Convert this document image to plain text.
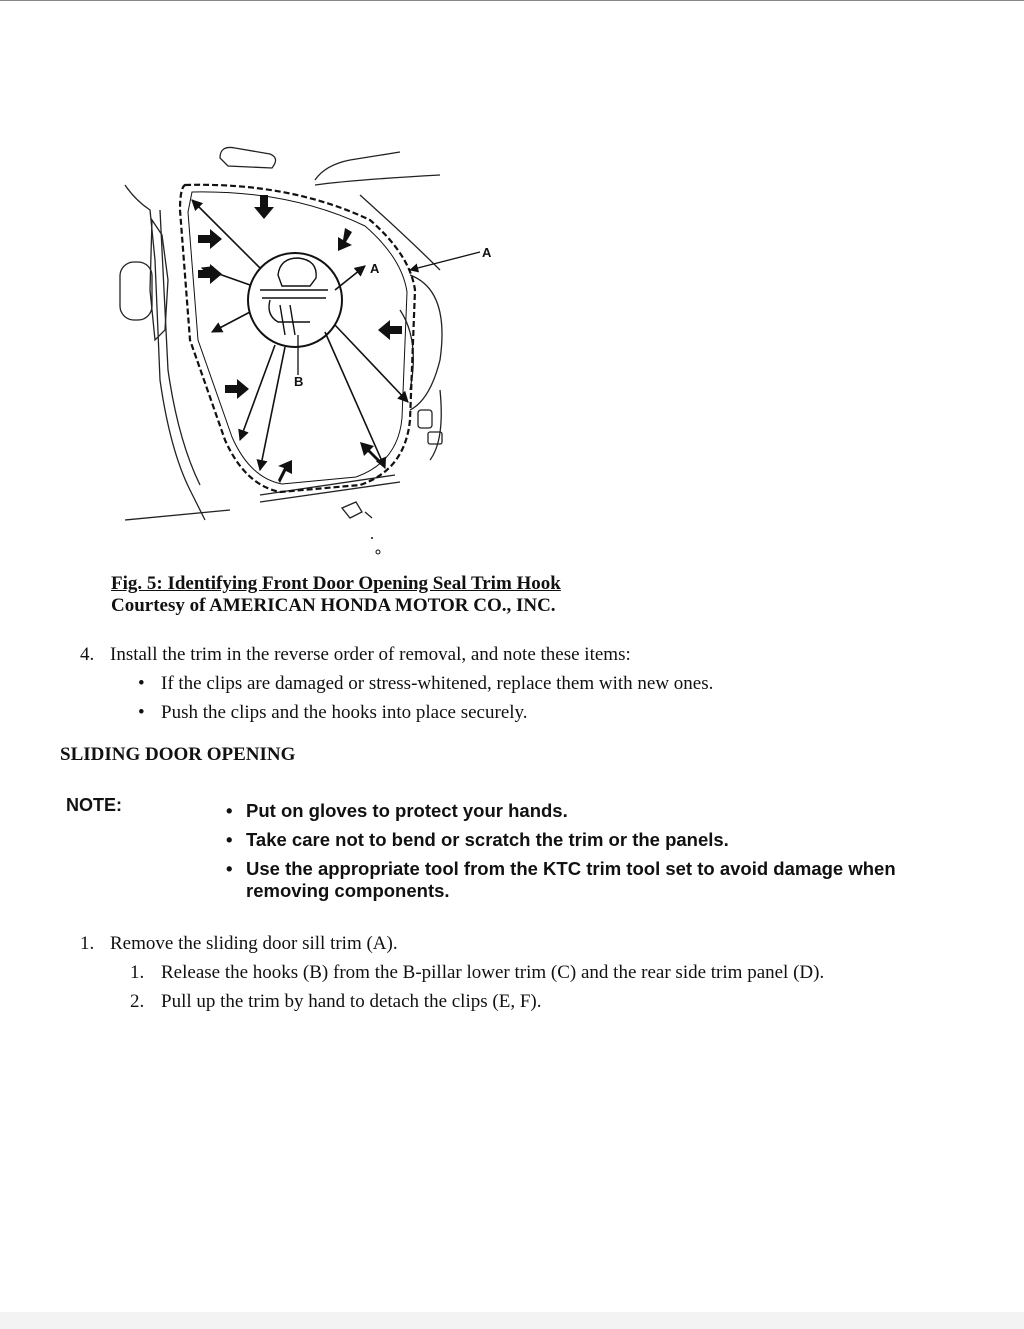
A
A
B
Fig. 5: Identifying Front Door Opening Seal Trim Hook
Courtesy of AMERICAN HONDA MOTOR CO., INC.
4. Install the trim in the reverse order of removal, and note these items:
• If the clips are damaged or stress-whitened, replace them with new ones.
• Push the clips and the hooks into place securely.
SLIDING DOOR OPENING
NOTE:	• Put on gloves to protect your hands.
• Take care not to bend or scratch the trim or the panels.
• Use the appropriate tool from the KTC trim tool set to avoid damage when removing components.
1. Remove the sliding door sill trim (A).
1. Release the hooks (B) from the B-pillar lower trim (C) and the rear side trim panel (D).
2. Pull up the trim by hand to detach the clips (E, F).
